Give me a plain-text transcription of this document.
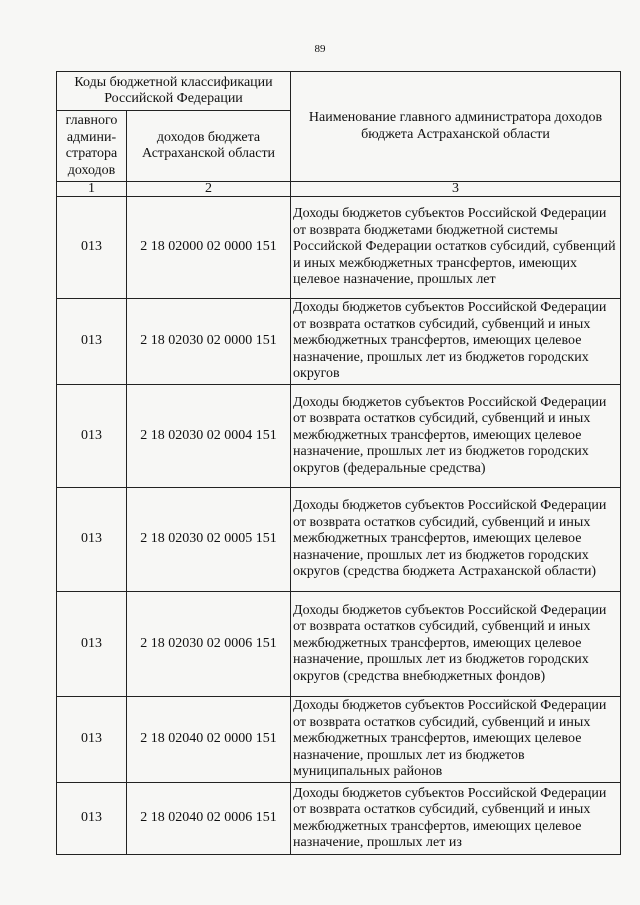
89
Коды бюджетной классификации Российской Федерации		Наименование главного администратора доходов бюджета Астраханской области
главного админи-стратора доходов	доходов бюджета Астраханской области	
1	2	3
013	2 18 02000 02 0000 151	Доходы бюджетов субъектов Российской Федерации от возврата бюджетами бюджетной системы Российской Федерации остатков субсидий, субвенций и иных межбюджетных трансфертов, имеющих целевое назначение, прошлых лет
013	2 18 02030 02 0000 151	Доходы бюджетов субъектов Российской Федерации от возврата остатков субсидий, субвенций и иных межбюджетных трансфертов, имеющих целевое назначение, прошлых лет из бюджетов городских округов
013	2 18 02030 02 0004 151	Доходы бюджетов субъектов Российской Федерации от возврата остатков субсидий, субвенций и иных межбюджетных трансфертов, имеющих целевое назначение, прошлых лет из бюджетов городских округов (федеральные средства)
013	2 18 02030 02 0005 151	Доходы бюджетов субъектов Российской Федерации от возврата остатков субсидий, субвенций и иных межбюджетных трансфертов, имеющих целевое назначение, прошлых лет из бюджетов городских округов (средства бюджета Астраханской области)
013	2 18 02030 02 0006 151	Доходы бюджетов субъектов Российской Федерации от возврата остатков субсидий, субвенций и иных межбюджетных трансфертов, имеющих целевое назначение, прошлых лет из бюджетов городских округов (средства внебюджетных фондов)
013	2 18 02040 02 0000 151	Доходы бюджетов субъектов Российской Федерации от возврата остатков субсидий, субвенций и иных межбюджетных трансфертов, имеющих целевое назначение, прошлых лет из бюджетов муниципальных районов
013	2 18 02040 02 0006 151	Доходы бюджетов субъектов Российской Федерации от возврата остатков субсидий, субвенций и иных межбюджетных трансфертов, имеющих целевое назначение, прошлых лет из
